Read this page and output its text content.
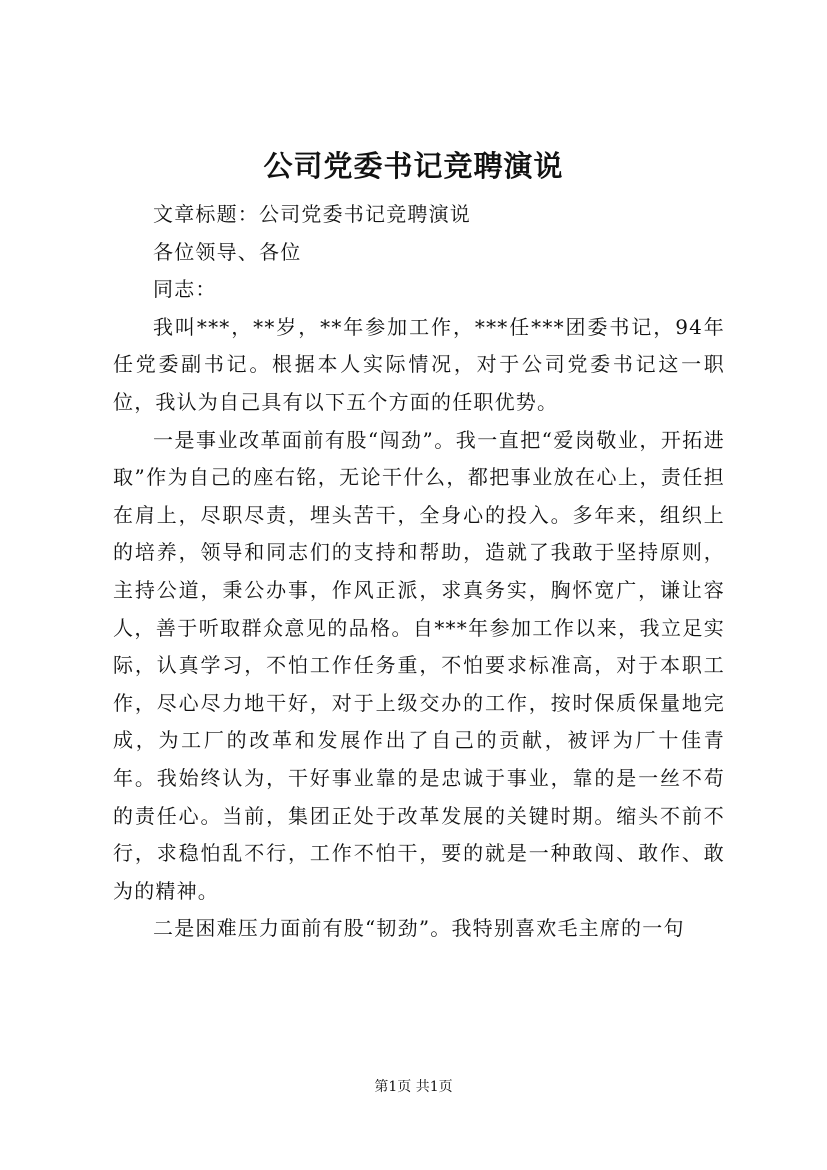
公司党委书记竞聘演说

文章标题：公司党委书记竞聘演说

各位领导、各位

同志：

我叫***，**岁，**年参加工作，***任***团委书记，94年任党委副书记。根据本人实际情况，对于公司党委书记这一职位，我认为自己具有以下五个方面的任职优势。

一是事业改革面前有股“闯劲”。我一直把“爱岗敬业，开拓进取”作为自己的座右铭，无论干什么，都把事业放在心上，责任担在肩上，尽职尽责，埋头苦干，全身心的投入。多年来，组织上的培养，领导和同志们的支持和帮助，造就了我敢于坚持原则，主持公道，秉公办事，作风正派，求真务实，胸怀宽广，谦让容人，善于听取群众意见的品格。自***年参加工作以来，我立足实际，认真学习，不怕工作任务重，不怕要求标准高，对于本职工作，尽心尽力地干好，对于上级交办的工作，按时保质保量地完成，为工厂的改革和发展作出了自己的贡献，被评为厂十佳青年。我始终认为，干好事业靠的是忠诚于事业，靠的是一丝不苟的责任心。当前，集团正处于改革发展的关键时期。缩头不前不行，求稳怕乱不行，工作不怕干，要的就是一种敢闯、敢作、敢为的精神。

二是困难压力面前有股“韧劲”。我特别喜欢毛主席的一句

第1页 共1页
